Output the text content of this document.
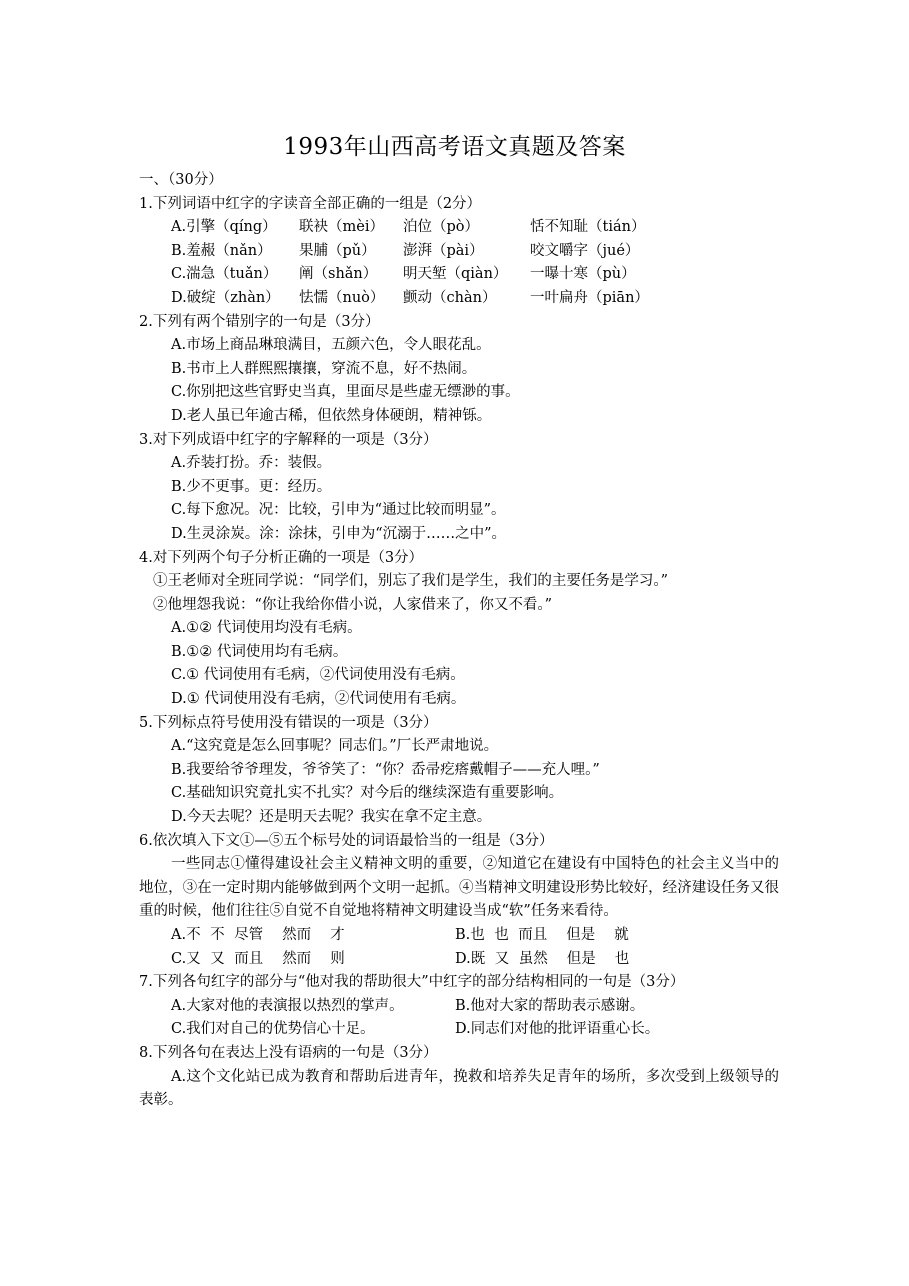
1993年山西高考语文真题及答案
一、（30分）
1.下列词语中红字的字读音全部正确的一组是（2分）
A.引擎（qíng）	联袂（mèi）	泊位（pò）	恬不知耻（tián）
B.羞赧（nǎn）	果脯（pǔ）	澎湃（pài）	咬文嚼字（jué）
C.湍急（tuǎn）	阐（shǎn）	明天堑（qiàn）	一曝十寒（pù）
D.破绽（zhàn）	怯懦（nuò）	颤动（chàn）	一叶扁舟（piān）
2.下列有两个错别字的一句是（3分）
A.市场上商品琳琅满目，五颜六色，令人眼花乱。
B.书市上人群熙熙攘攘，穿流不息，好不热闹。
C.你别把这些官野史当真，里面尽是些虚无缥渺的事。
D.老人虽已年逾古稀，但依然身体硬朗，精神铄。
3.对下列成语中红字的字解释的一项是（3分）
A.乔装打扮。乔：装假。
B.少不更事。更：经历。
C.每下愈况。况：比较，引申为“通过比较而明显”。
D.生灵涂炭。涂：涂抹，引申为“沉溺于……之中”。
4.对下列两个句子分析正确的一项是（3分）
①王老师对全班同学说：“同学们，别忘了我们是学生，我们的主要任务是学习。”
②他埋怨我说：“你让我给你借小说，人家借来了，你又不看。”
A.①② 代词使用均没有毛病。
B.①② 代词使用均有毛病。
C.① 代词使用有毛病，②代词使用没有毛病。
D.① 代词使用没有毛病，②代词使用有毛病。
5.下列标点符号使用没有错误的一项是（3分）
A.“这究竟是怎么回事呢？同志们。”厂长严肃地说。
B.我要给爷爷理发，爷爷笑了：“你？岙帚疙瘩戴帽子——充人哩。”
C.基础知识究竟扎实不扎实？对今后的继续深造有重要影响。
D.今天去呢？还是明天去呢？我实在拿不定主意。
6.依次填入下文①—⑤五个标号处的词语最恰当的一组是（3分）
一些同志①懂得建设社会主义精神文明的重要，②知道它在建设有中国特色的社会主义当中的地位，③在一定时期内能够做到两个文明一起抓。④当精神文明建设形势比较好，经济建设任务又很重的时候，他们往往⑤自觉不自觉地将精神文明建设当成“软”任务来看待。
A.不 不 尽管 然而 才	B.也 也 而且 但是 就
C.又 又 而且 然而 则	D.既 又 虽然 但是 也
7.下列各句红字的部分与“他对我的帮助很大”中红字的部分结构相同的一句是（3分）
A.大家对他的表演报以热烈的掌声。	B.他对大家的帮助表示感谢。
C.我们对自己的优势信心十足。	D.同志们对他的批评语重心长。
8.下列各句在表达上没有语病的一句是（3分）
A.这个文化站已成为教育和帮助后进青年，挽救和培养失足青年的场所，多次受到上级领导的表彰。
